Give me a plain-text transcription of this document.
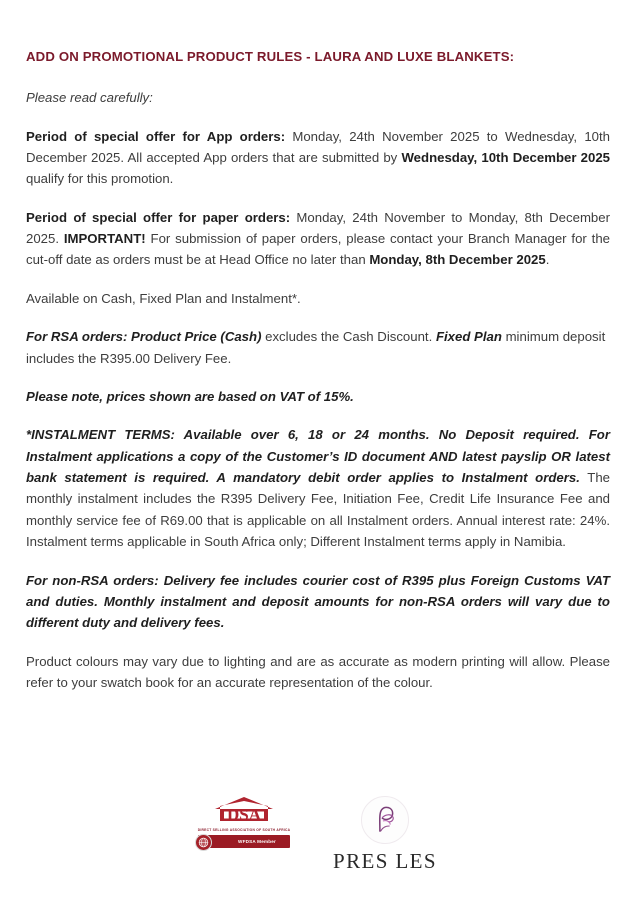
ADD ON PROMOTIONAL PRODUCT RULES - LAURA AND LUXE BLANKETS:

Please read carefully:

Period of special offer for App orders: Monday, 24th November 2025 to Wednesday, 10th December 2025. All accepted App orders that are submitted by Wednesday, 10th December 2025 qualify for this promotion.

Period of special offer for paper orders: Monday, 24th November to Monday, 8th December 2025. IMPORTANT! For submission of paper orders, please contact your Branch Manager for the cut-off date as orders must be at Head Office no later than Monday, 8th December 2025.

Available on Cash, Fixed Plan and Instalment*.

For RSA orders: Product Price (Cash) excludes the Cash Discount. Fixed Plan minimum deposit includes the R395.00 Delivery Fee.

Please note, prices shown are based on VAT of 15%.

*INSTALMENT TERMS: Available over 6, 18 or 24 months. No Deposit required. For Instalment applications a copy of the Customer’s ID document AND latest payslip OR latest bank statement is required. A mandatory debit order applies to Instalment orders. The monthly instalment includes the R395 Delivery Fee, Initiation Fee, Credit Life Insurance Fee and monthly service fee of R69.00 that is applicable on all Instalment orders. Annual interest rate: 24%. Instalment terms applicable in South Africa only; Different Instalment terms apply in Namibia.

For non-RSA orders: Delivery fee includes courier cost of R395 plus Foreign Customs VAT and duties. Monthly instalment and deposit amounts for non-RSA orders will vary due to different duty and delivery fees.

Product colours may vary due to lighting and are as accurate as modern printing will allow. Please refer to your swatch book for an accurate representation of the colour.

DSA
DIRECT SELLING ASSOCIATION OF SOUTH AFRICA
WFDSA Member
PRES LES
